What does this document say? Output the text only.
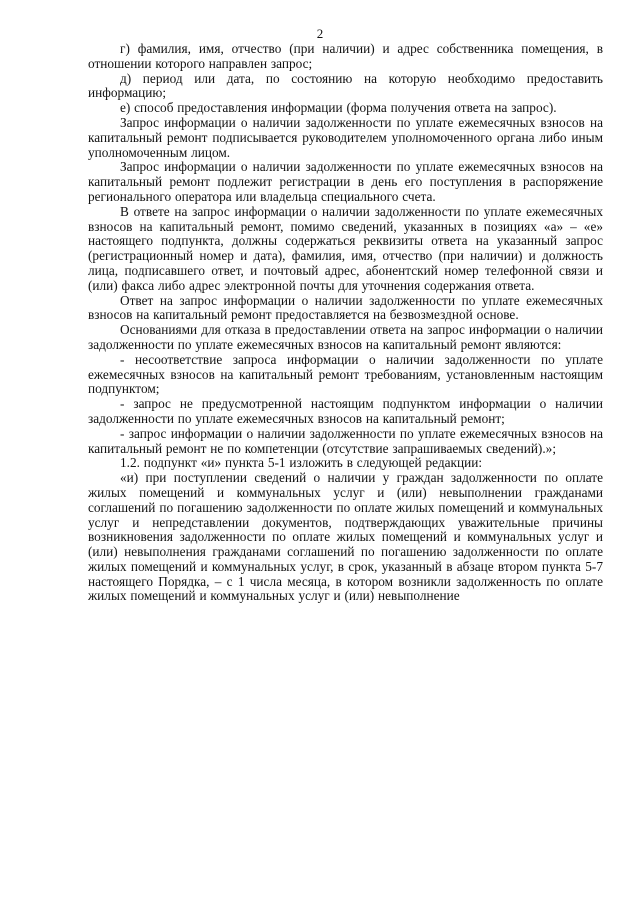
2

г) фамилия, имя, отчество (при наличии) и адрес собственника помещения, в отношении которого направлен запрос;

д) период или дата, по состоянию на которую необходимо предоставить информацию;

е) способ предоставления информации (форма получения ответа на запрос).

Запрос информации о наличии задолженности по уплате ежемесячных взносов на капитальный ремонт подписывается руководителем уполномоченного органа либо иным уполномоченным лицом.

Запрос информации о наличии задолженности по уплате ежемесячных взносов на капитальный ремонт подлежит регистрации в день его поступления в распоряжение регионального оператора или владельца специального счета.

В ответе на запрос информации о наличии задолженности по уплате ежемесячных взносов на капитальный ремонт, помимо сведений, указанных в позициях «а» – «е» настоящего подпункта, должны содержаться реквизиты ответа на указанный запрос (регистрационный номер и дата), фамилия, имя, отчество (при наличии) и должность лица, подписавшего ответ, и почтовый адрес, абонентский номер телефонной связи и (или) факса либо адрес электронной почты для уточнения содержания ответа.

Ответ на запрос информации о наличии задолженности по уплате ежемесячных взносов на капитальный ремонт предоставляется на безвозмездной основе.

Основаниями для отказа в предоставлении ответа на запрос информации о наличии задолженности по уплате ежемесячных взносов на капитальный ремонт являются:

- несоответствие запроса информации о наличии задолженности по уплате ежемесячных взносов на капитальный ремонт требованиям, установленным настоящим подпунктом;

- запрос не предусмотренной настоящим подпунктом информации о наличии задолженности по уплате ежемесячных взносов на капитальный ремонт;

- запрос информации о наличии задолженности по уплате ежемесячных взносов на капитальный ремонт не по компетенции (отсутствие запрашиваемых сведений).»;

1.2. подпункт «и» пункта 5-1 изложить в следующей редакции:

«и) при поступлении сведений о наличии у граждан задолженности по оплате жилых помещений и коммунальных услуг и (или) невыполнении гражданами соглашений по погашению задолженности по оплате жилых помещений и коммунальных услуг и непредставлении документов, подтверждающих уважительные причины возникновения задолженности по оплате жилых помещений и коммунальных услуг и (или) невыполнения гражданами соглашений по погашению задолженности по оплате жилых помещений и коммунальных услуг, в срок, указанный в абзаце втором пункта 5-7 настоящего Порядка, – с 1 числа месяца, в котором возникли задолженность по оплате жилых помещений и коммунальных услуг и (или) невыполнение
